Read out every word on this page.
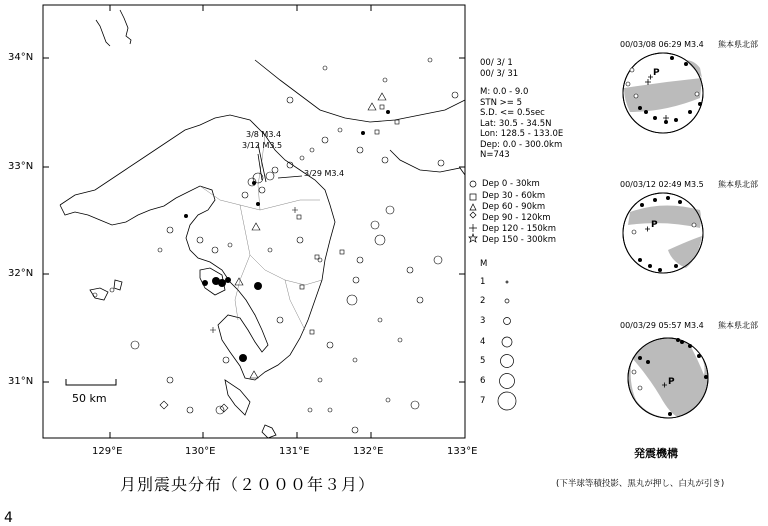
34°N
33°N
32°N
31°N
129°E	130°E	131°E	132°E	133°E
50 km
3/8 M3.4
3/12 M3.5
3/29 M3.4
月別震央分布（２０００年３月）
00/ 3/ 1
00/ 3/ 31
M: 0.0 - 9.0
STN >= 5
S.D. <= 0.5sec
Lat: 30.5 - 34.5N
Lon: 128.5 - 133.0E
Dep: 0.0 - 300.0km
N=743
Dep 0 - 30km
Dep 30 - 60km
Dep 60 - 90km
Dep 90 - 120km
Dep 120 - 150km
Dep 150 - 300km
M
1
2
3
4
5
6
7
00/03/08 06:29 M3.4 熊本県北部
00/03/12 02:49 M3.5 熊本県北部
00/03/29 05:57 M3.4 熊本県北部
P
P
P
発震機構
(下半球等積投影、黒丸が押し、白丸が引き)
4
